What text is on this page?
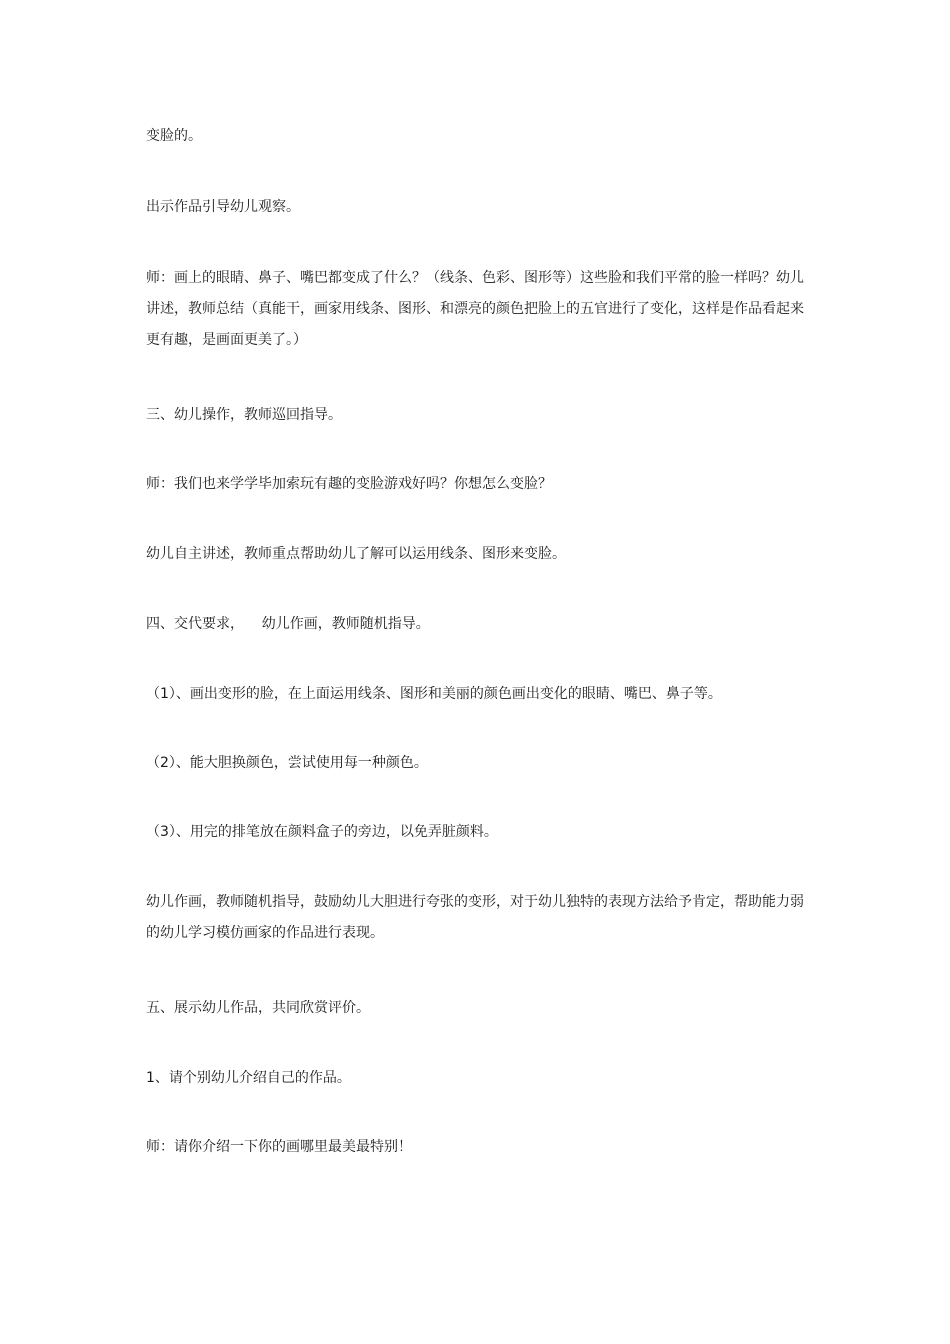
变脸的。

出示作品引导幼儿观察。

师：画上的眼睛、鼻子、嘴巴都变成了什么？（线条、色彩、图形等）这些脸和我们平常的脸一样吗？幼儿讲述，教师总结（真能干，画家用线条、图形、和漂亮的颜色把脸上的五官进行了变化，这样是作品看起来更有趣，是画面更美了。）

三、幼儿操作，教师巡回指导。

师：我们也来学学毕加索玩有趣的变脸游戏好吗？你想怎么变脸？

幼儿自主讲述，教师重点帮助幼儿了解可以运用线条、图形来变脸。

四、交代要求，    幼儿作画，教师随机指导。

（1）、画出变形的脸，在上面运用线条、图形和美丽的颜色画出变化的眼睛、嘴巴、鼻子等。

（2）、能大胆换颜色，尝试使用每一种颜色。

（3）、用完的排笔放在颜料盒子的旁边，以免弄脏颜料。

幼儿作画，教师随机指导，鼓励幼儿大胆进行夸张的变形，对于幼儿独特的表现方法给予肯定，帮助能力弱的幼儿学习模仿画家的作品进行表现。

五、展示幼儿作品，共同欣赏评价。

1、请个别幼儿介绍自己的作品。

师：请你介绍一下你的画哪里最美最特别！
